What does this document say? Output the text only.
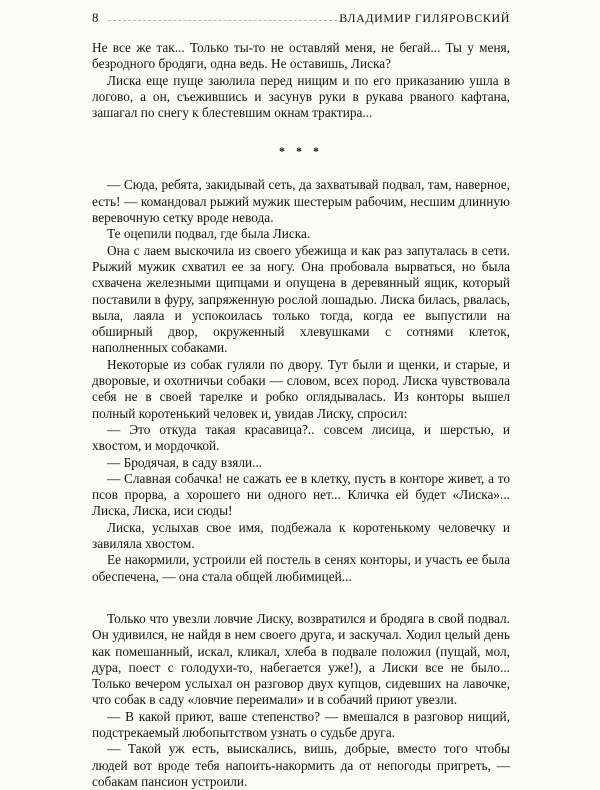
8	ВЛАДИМИР ГИЛЯРОВСКИЙ

Не все же так... Только ты-то не оставляй меня, не бегай... Ты у меня, безродного бродяги, одна ведь. Не оставишь, Лиска?

Лиска еще пуще заюлила перед нищим и по его приказанию ушла в логово, а он, съежившись и засунув руки в рукава рваного кафтана, зашагал по снегу к блестевшим окнам трактира...

* * *

— Сюда, ребята, закидывай сеть, да захватывай подвал, там, наверное, есть! — командовал рыжий мужик шестерым рабочим, несшим длинную веревочную сетку вроде невода.

Те оцепили подвал, где была Лиска.

Она с лаем выскочила из своего убежища и как раз запуталась в сети. Рыжий мужик схватил ее за ногу. Она пробовала вырваться, но была схвачена железными щипцами и опущена в деревянный ящик, который поставили в фуру, запряженную рослой лошадью. Лиска билась, рвалась, выла, лаяла и успокоилась только тогда, когда ее выпустили на обширный двор, окруженный хлевушками с сотнями клеток, наполненных собаками.

Некоторые из собак гуляли по двору. Тут были и щенки, и старые, и дворовые, и охотничьи собаки — словом, всех пород. Лиска чувствовала себя не в своей тарелке и робко оглядывалась. Из конторы вышел полный коротенький человек и, увидав Лиску, спросил:

— Это откуда такая красавица?.. совсем лисица, и шерстью, и хвостом, и мордочкой.

— Бродячая, в саду взяли...

— Славная собачка! не сажать ее в клетку, пусть в конторе живет, а то псов прорва, а хорошего ни одного нет... Кличка ей будет «Лиска»... Лиска, Лиска, иси сюды!

Лиска, услыхав свое имя, подбежала к коротенькому человечку и завиляла хвостом.

Ее накормили, устроили ей постель в сенях конторы, и участь ее была обеспечена, — она стала общей любимицей...

Только что увезли ловчие Лиску, возвратился и бродяга в свой подвал. Он удивился, не найдя в нем своего друга, и заскучал. Ходил целый день как помешанный, искал, кликал, хлеба в подвале положил (пущай, мол, дура, поест с голодухи-то, набегается уже!), а Лиски все не было... Только вечером услыхал он разговор двух купцов, сидевших на лавочке, что собак в саду «ловчие переимали» и в собачий приют увезли.

— В какой приют, ваше степенство? — вмешался в разговор нищий, подстрекаемый любопытством узнать о судьбе друга.

— Такой уж есть, выискались, вишь, добрые, вместо того чтобы людей вот вроде тебя напоить-накормить да от непогоды пригреть, — собакам пансион устроили.
